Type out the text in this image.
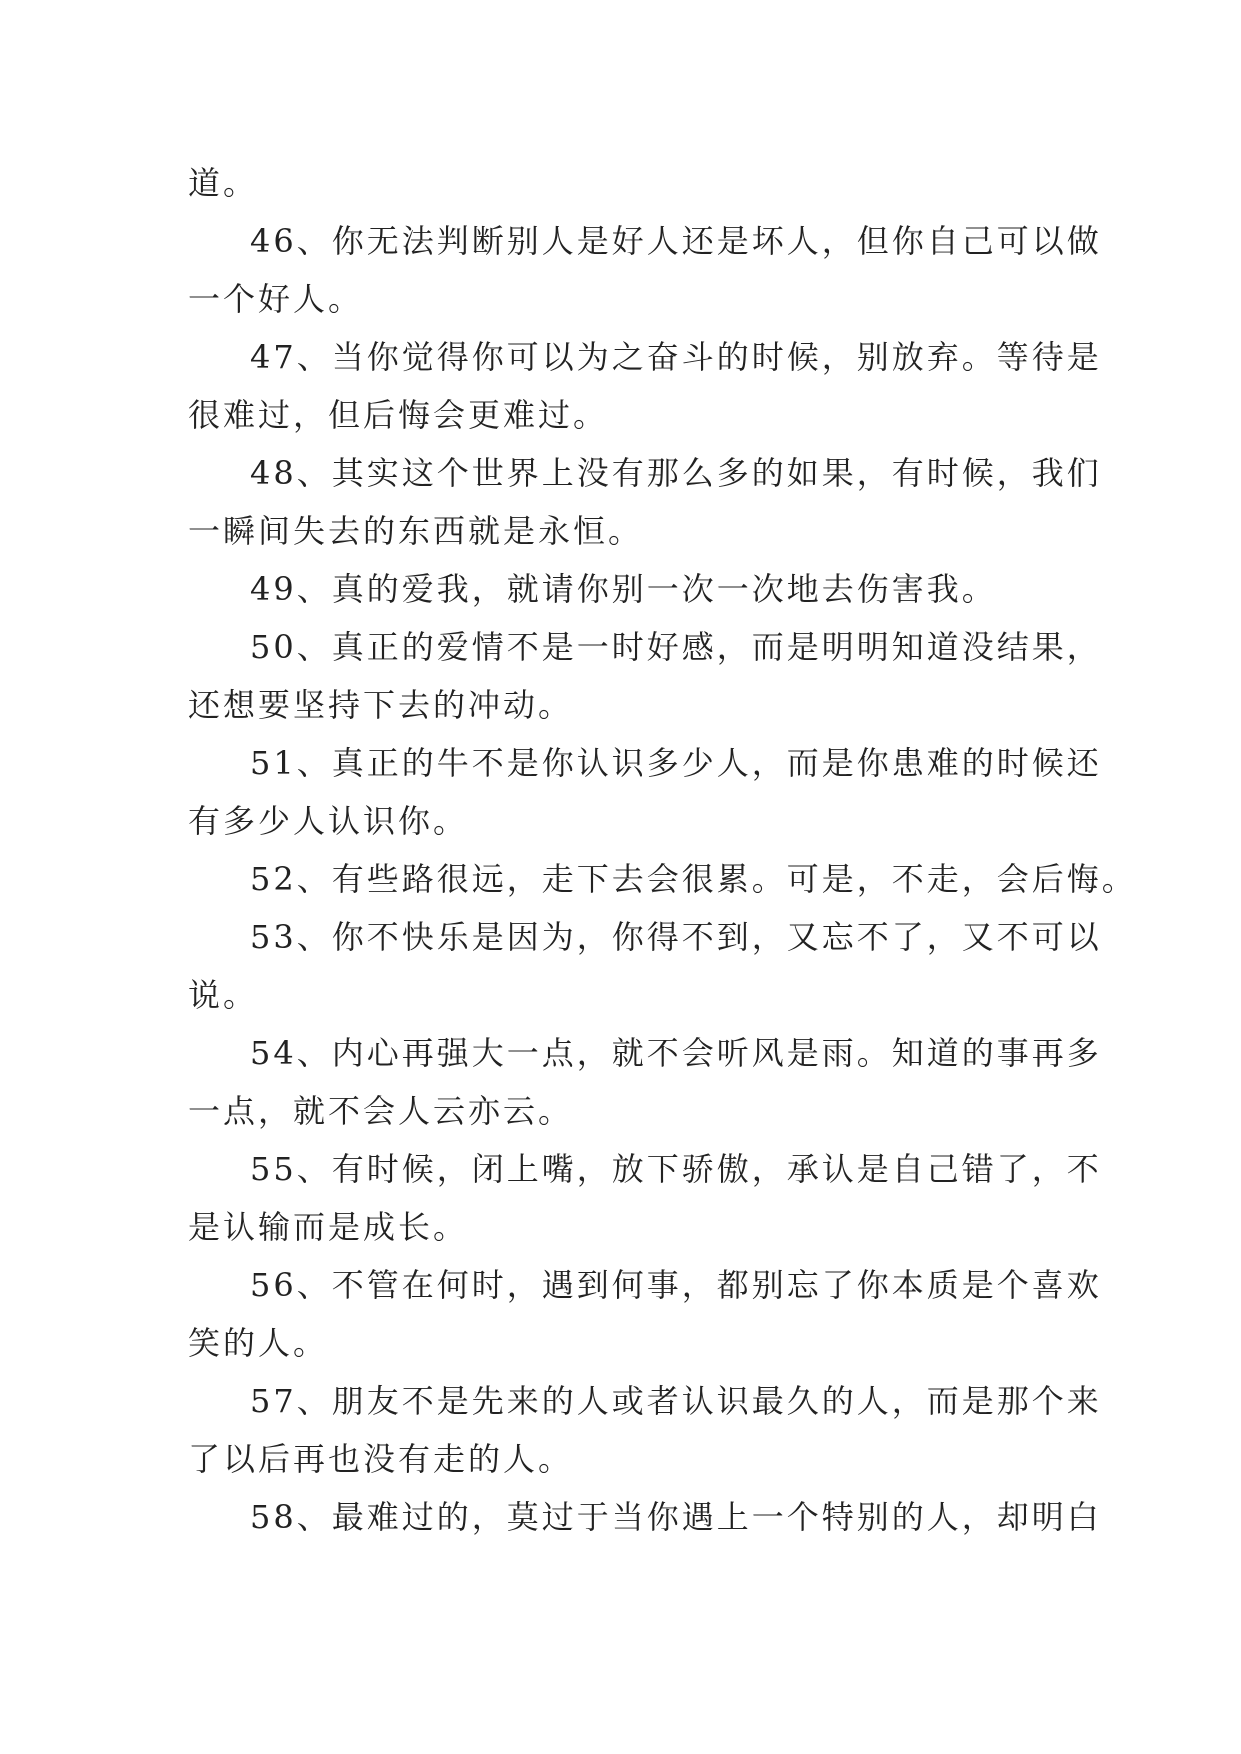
道。
46、你无法判断别人是好人还是坏人，但你自己可以做
一个好人。
47、当你觉得你可以为之奋斗的时候，别放弃。等待是
很难过，但后悔会更难过。
48、其实这个世界上没有那么多的如果，有时候，我们
一瞬间失去的东西就是永恒。
49、真的爱我，就请你别一次一次地去伤害我。
50、真正的爱情不是一时好感，而是明明知道没结果，
还想要坚持下去的冲动。
51、真正的牛不是你认识多少人，而是你患难的时候还
有多少人认识你。
52、有些路很远，走下去会很累。可是，不走，会后悔。
53、你不快乐是因为，你得不到，又忘不了，又不可以
说。
54、内心再强大一点，就不会听风是雨。知道的事再多
一点，就不会人云亦云。
55、有时候，闭上嘴，放下骄傲，承认是自己错了，不
是认输而是成长。
56、不管在何时，遇到何事，都别忘了你本质是个喜欢
笑的人。
57、朋友不是先来的人或者认识最久的人，而是那个来
了以后再也没有走的人。
58、最难过的，莫过于当你遇上一个特别的人，却明白
